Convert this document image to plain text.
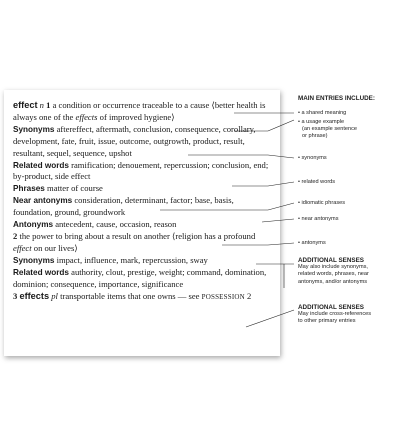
effect n 1 a condition or occurrence traceable to a cause ⟨better health is always one of the effects of improved hygiene⟩

Synonyms aftereffect, aftermath, conclusion, consequence, corollary, development, fate, fruit, issue, outcome, outgrowth, product, result, resultant, sequel, sequence, upshot

Related words ramification; denouement, repercussion; conclusion, end; by-product, side effect

Phrases matter of course

Near antonyms consideration, determinant, factor; base, basis, foundation, ground, groundwork

Antonyms antecedent, cause, occasion, reason

2 the power to bring about a result on another ⟨religion has a profound effect on our lives⟩

Synonyms impact, influence, mark, repercussion, sway

Related words authority, clout, prestige, weight; command, domination, dominion; consequence, importance, significance

3 effects pl transportable items that one owns — see POSSESSION 2

MAIN ENTRIES INCLUDE:
• a shared meaning
• a usage example
(an example sentence
or phrase)
• synonyms
• related words
• idiomatic phrases
• near antonyms
• antonyms
ADDITIONAL SENSES
May also include synonyms,
related words, phrases, near
antonyms, and/or antonyms
ADDITIONAL SENSES
May include cross-references
to other primary entries
